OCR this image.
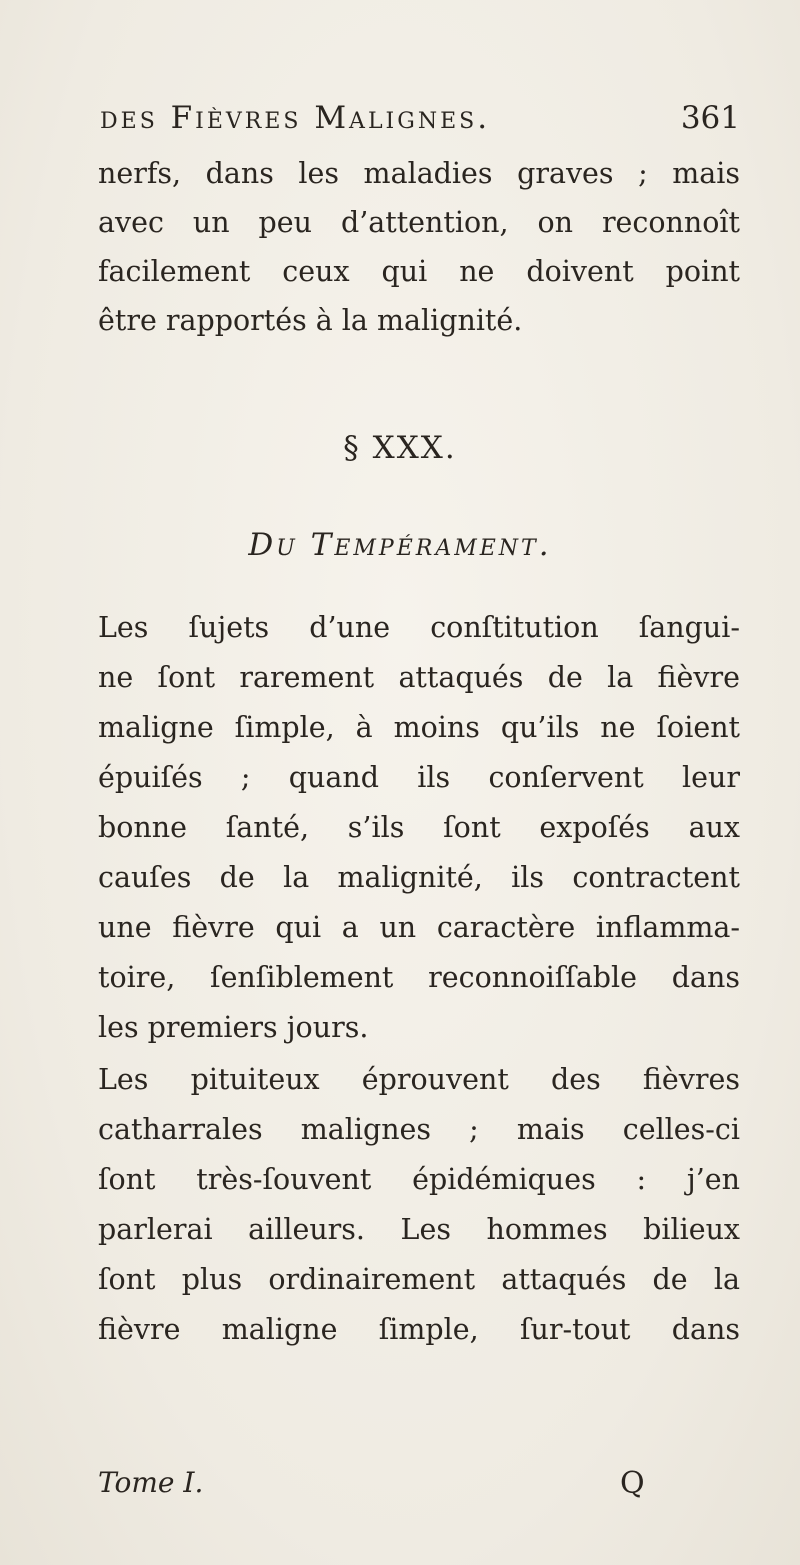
des Fièvres Malignes.	361
nerfs, dans les maladies graves ; mais
avec un peu d’attention, on reconnoît
facilement ceux qui ne doivent point
être rapportés à la malignité.
§ XXX.
Du Tempérament.
Les ſujets d’une conſtitution ſangui-
ne ſont rarement attaqués de la fièvre
maligne ſimple, à moins qu’ils ne ſoient
épuiſés ; quand ils conſervent leur
bonne ſanté, s’ils ſont expoſés aux
cauſes de la malignité, ils contractent
une fièvre qui a un caractère inflamma-
toire, ſenſiblement reconnoiſſable dans
les premiers jours.
Les pituiteux éprouvent des fièvres
catharrales malignes ; mais celles-ci
ſont très-ſouvent épidémiques : j’en
parlerai ailleurs. Les hommes bilieux
ſont plus ordinairement attaqués de la
fièvre maligne ſimple, ſur-tout dans
Tome I.	Q
